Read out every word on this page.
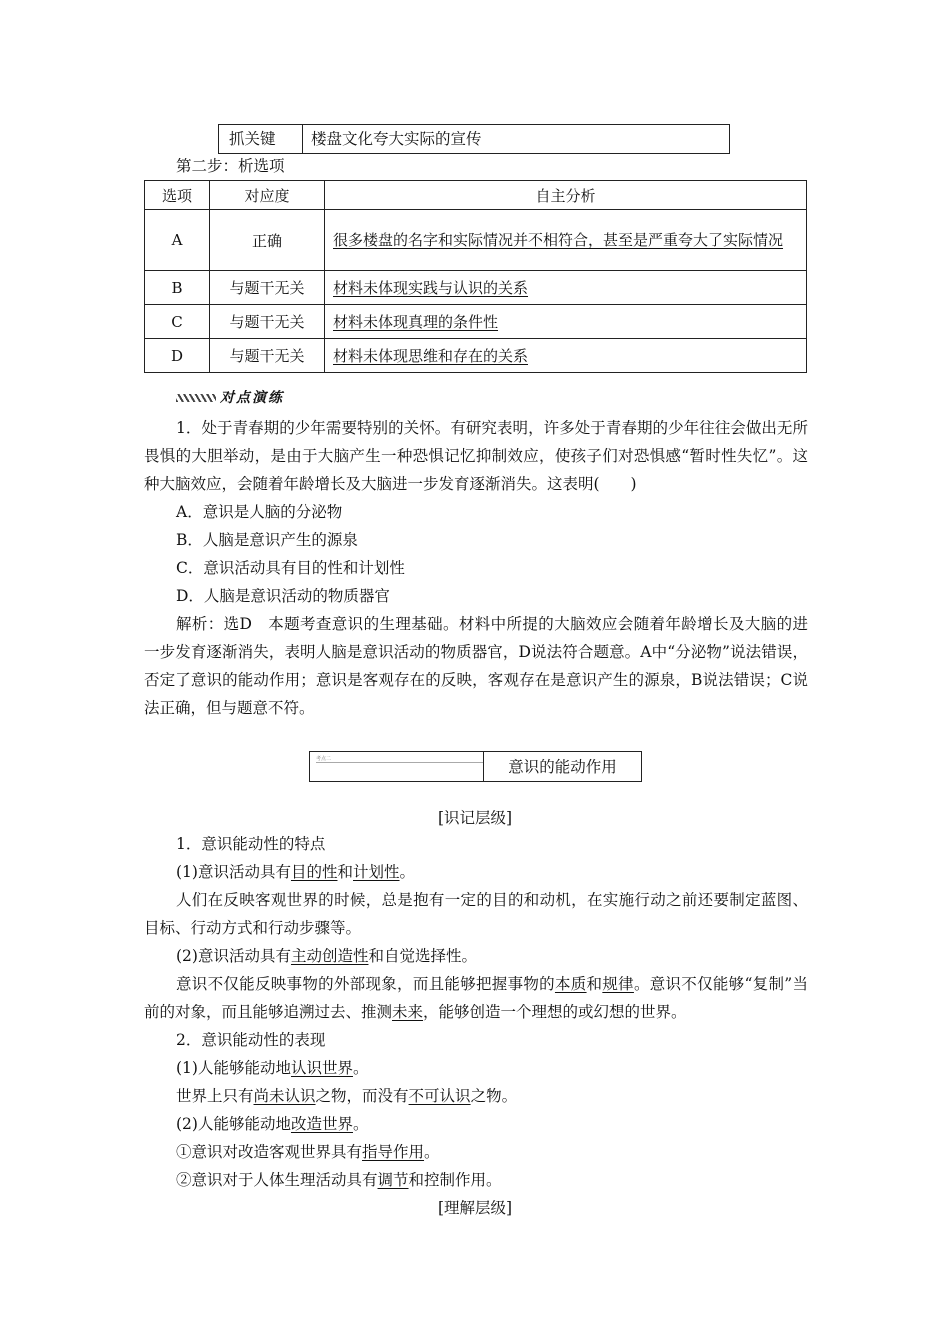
抓关键	楼盘文化夸大实际的宣传
第二步：析选项
选项	对应度	自主分析
A	正确	很多楼盘的名字和实际情况并不相符合，甚至是严重夸大了实际情况
B	与题干无关	材料未体现实践与认识的关系
C	与题干无关	材料未体现真理的条件性
D	与题干无关	材料未体现思维和存在的关系
对点演练
1．处于青春期的少年需要特别的关怀。有研究表明，许多处于青春期的少年往往会做出无所畏惧的大胆举动，是由于大脑产生一种恐惧记忆抑制效应，使孩子们对恐惧感“暂时性失忆”。这种大脑效应，会随着年龄增长及大脑进一步发育逐渐消失。这表明(　　)
A．意识是人脑的分泌物
B．人脑是意识产生的源泉
C．意识活动具有目的性和计划性
D．人脑是意识活动的物质器官
解析：选D　本题考查意识的生理基础。材料中所提的大脑效应会随着年龄增长及大脑的进一步发育逐渐消失，表明人脑是意识活动的物质器官，D说法符合题意。A中“分泌物”说法错误，否定了意识的能动作用；意识是客观存在的反映，客观存在是意识产生的源泉，B说法错误；C说法正确，但与题意不符。
考点二	意识的能动作用
[识记层级]
1．意识能动性的特点
(1)意识活动具有目的性和计划性。
人们在反映客观世界的时候，总是抱有一定的目的和动机，在实施行动之前还要制定蓝图、目标、行动方式和行动步骤等。
(2)意识活动具有主动创造性和自觉选择性。
意识不仅能反映事物的外部现象，而且能够把握事物的本质和规律。意识不仅能够“复制”当前的对象，而且能够追溯过去、推测未来，能够创造一个理想的或幻想的世界。
2．意识能动性的表现
(1)人能够能动地认识世界。
世界上只有尚未认识之物，而没有不可认识之物。
(2)人能够能动地改造世界。
①意识对改造客观世界具有指导作用。
②意识对于人体生理活动具有调节和控制作用。
[理解层级]
